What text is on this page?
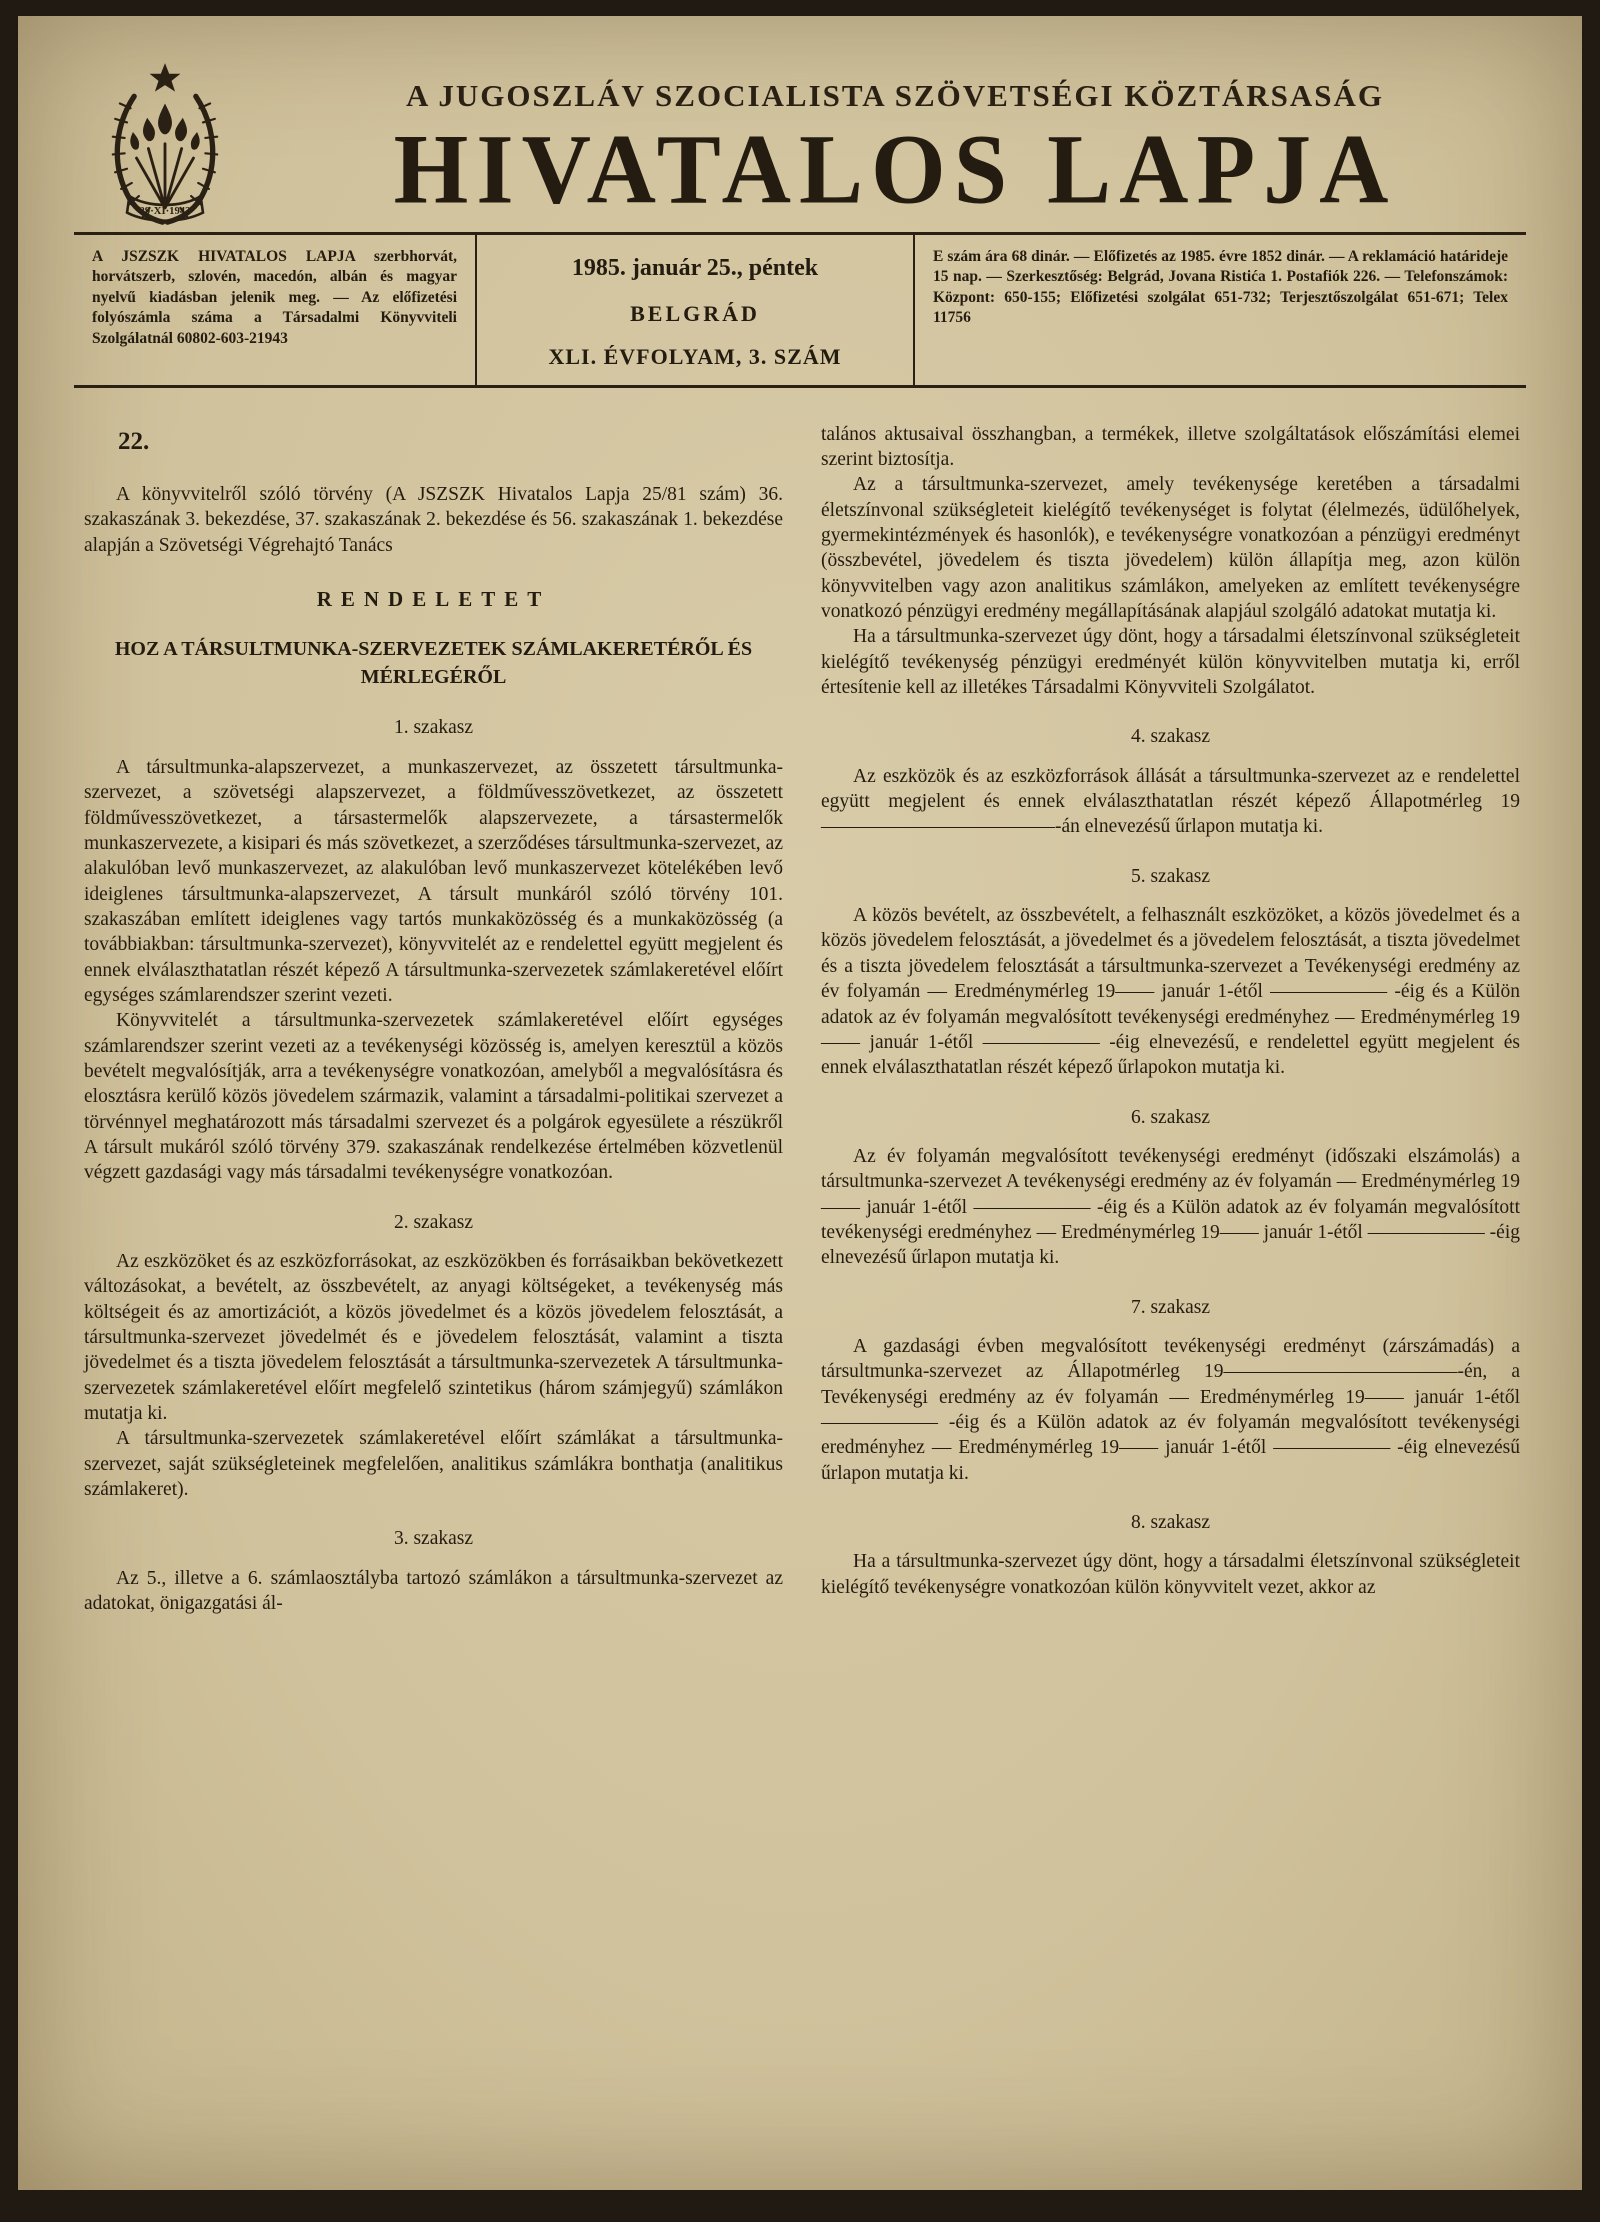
29·XI·1943
A JUGOSZLÁV SZOCIALISTA SZÖVETSÉGI KÖZTÁRSASÁG
HIVATALOS LAPJA
A JSZSZK HIVATALOS LAPJA szerbhorvát, horvátszerb, szlovén, macedón, albán és magyar nyelvű kiadásban jelenik meg. — Az előfizetési folyószámla száma a Társadalmi Könyvviteli Szolgálatnál 60802-603-21943
1985. január 25., péntek
BELGRÁD
XLI. ÉVFOLYAM, 3. SZÁM
E szám ára 68 dinár. — Előfizetés az 1985. évre 1852 dinár. — A reklamáció határideje 15 nap. — Szerkesztőség: Belgrád, Jovana Ristića 1. Postafiók 226. — Telefonszámok: Központ: 650-155; Előfizetési szolgálat 651-732; Terjesztőszolgálat 651-671; Telex 11756
22.
A könyvvitelről szóló törvény (A JSZSZK Hivatalos Lapja 25/81 szám) 36. szakaszának 3. bekezdése, 37. szakaszának 2. bekezdése és 56. szakaszának 1. bekezdése alapján a Szövetségi Végrehajtó Tanács
RENDELETET
HOZ A TÁRSULTMUNKA-SZERVEZETEK SZÁMLAKERETÉRŐL ÉS MÉRLEGÉRŐL
1. szakasz
A társultmunka-alapszervezet, a munkaszervezet, az összetett társultmunka-szervezet, a szövetségi alapszervezet, a földművesszövetkezet, az összetett földművesszövetkezet, a társastermelők alapszervezete, a társastermelők munkaszervezete, a kisipari és más szövetkezet, a szerződéses társultmunka-szervezet, az alakulóban levő munkaszervezet, az alakulóban levő munkaszervezet kötelékében levő ideiglenes társultmunka-alapszervezet, A társult munkáról szóló törvény 101. szakaszában említett ideiglenes vagy tartós munkaközösség és a munkaközösség (a továbbiakban: társultmunka-szervezet), könyvvitelét az e rendelettel együtt megjelent és ennek elválaszthatatlan részét képező A társultmunka-szervezetek számlakeretével előírt egységes számlarendszer szerint vezeti.
Könyvvitelét a társultmunka-szervezetek számlakeretével előírt egységes számlarendszer szerint vezeti az a tevékenységi közösség is, amelyen keresztül a közös bevételt megvalósítják, arra a tevékenységre vonatkozóan, amelyből a megvalósításra és elosztásra kerülő közös jövedelem származik, valamint a társadalmi-politikai szervezet a törvénnyel meghatározott más társadalmi szervezet és a polgárok egyesülete a részükről A társult mukáról szóló törvény 379. szakaszának rendelkezése értelmében közvetlenül végzett gazdasági vagy más társadalmi tevékenységre vonatkozóan.
2. szakasz
Az eszközöket és az eszközforrásokat, az eszközökben és forrásaikban bekövetkezett változásokat, a bevételt, az összbevételt, az anyagi költségeket, a tevékenység más költségeit és az amortizációt, a közös jövedelmet és a közös jövedelem felosztását, a társultmunka-szervezet jövedelmét és e jövedelem felosztását, valamint a tiszta jövedelmet és a tiszta jövedelem felosztását a társultmunka-szervezetek A társultmunka-szervezetek számlakeretével előírt megfelelő szintetikus (három számjegyű) számlákon mutatja ki.
A társultmunka-szervezetek számlakeretével előírt számlákat a társultmunka-szervezet, saját szükségleteinek megfelelően, analitikus számlákra bonthatja (analitikus számlakeret).
3. szakasz
Az 5., illetve a 6. számlaosztályba tartozó számlákon a társultmunka-szervezet az adatokat, önigazgatási ál-
talános aktusaival összhangban, a termékek, illetve szolgáltatások előszámítási elemei szerint biztosítja.
Az a társultmunka-szervezet, amely tevékenysége keretében a társadalmi életszínvonal szükségleteit kielégítő tevékenységet is folytat (élelmezés, üdülőhelyek, gyermekintézmények és hasonlók), e tevékenységre vonatkozóan a pénzügyi eredményt (összbevétel, jövedelem és tiszta jövedelem) külön állapítja meg, azon külön könyvvitelben vagy azon analitikus számlákon, amelyeken az említett tevékenységre vonatkozó pénzügyi eredmény megállapításának alapjául szolgáló adatokat mutatja ki.
Ha a társultmunka-szervezet úgy dönt, hogy a társadalmi életszínvonal szükségleteit kielégítő tevékenység pénzügyi eredményét külön könyvvitelben mutatja ki, erről értesítenie kell az illetékes Társadalmi Könyvviteli Szolgálatot.
4. szakasz
Az eszközök és az eszközforrások állását a társultmunka-szervezet az e rendelettel együtt megjelent és ennek elválaszthatatlan részét képező Állapotmérleg 19————————————-án elnevezésű űrlapon mutatja ki.
5. szakasz
A közös bevételt, az összbevételt, a felhasznált eszközöket, a közös jövedelmet és a közös jövedelem felosztását, a jövedelmet és a jövedelem felosztását, a tiszta jövedelmet és a tiszta jövedelem felosztását a társultmunka-szervezet a Tevékenységi eredmény az év folyamán — Eredménymérleg 19—— január 1-étől —————— -éig és a Külön adatok az év folyamán megvalósított tevékenységi eredményhez — Eredménymérleg 19—— január 1-étől —————— -éig elnevezésű, e rendelettel együtt megjelent és ennek elválaszthatatlan részét képező űrlapokon mutatja ki.
6. szakasz
Az év folyamán megvalósított tevékenységi eredményt (időszaki elszámolás) a társultmunka-szervezet A tevékenységi eredmény az év folyamán — Eredménymérleg 19—— január 1-étől —————— -éig és a Külön adatok az év folyamán megvalósított tevékenységi eredményhez — Eredménymérleg 19—— január 1-étől —————— -éig elnevezésű űrlapon mutatja ki.
7. szakasz
A gazdasági évben megvalósított tevékenységi eredményt (zárszámadás) a társultmunka-szervezet az Állapotmérleg 19————————————-én, a Tevékenységi eredmény az év folyamán — Eredménymérleg 19—— január 1-étől —————— -éig és a Külön adatok az év folyamán megvalósított tevékenységi eredményhez — Eredménymérleg 19—— január 1-étől —————— -éig elnevezésű űrlapon mutatja ki.
8. szakasz
Ha a társultmunka-szervezet úgy dönt, hogy a társadalmi életszínvonal szükségleteit kielégítő tevékenységre vonatkozóan külön könyvvitelt vezet, akkor az
